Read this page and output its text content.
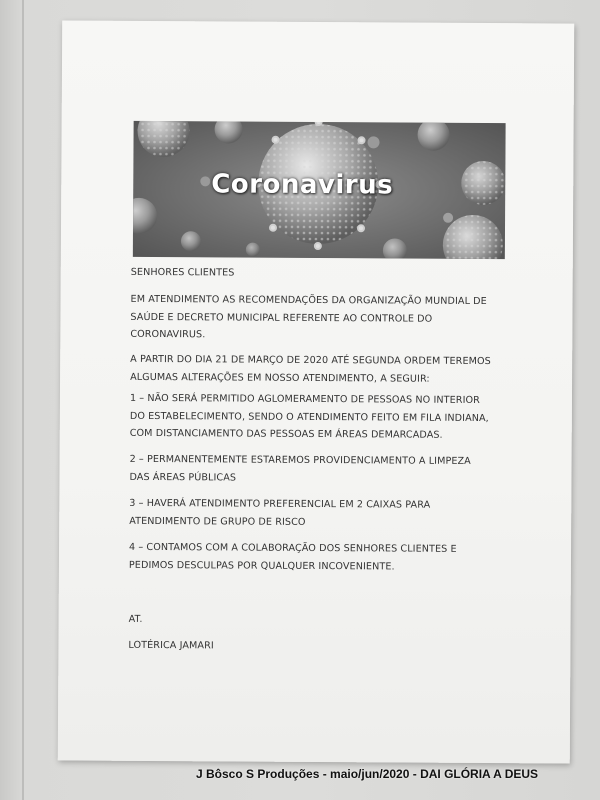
Coronavirus
SENHORES CLIENTES
EM ATENDIMENTO AS RECOMENDAÇÕES DA ORGANIZAÇÃO MUNDIAL DE
SAÚDE E DECRETO MUNICIPAL REFERENTE AO CONTROLE DO
CORONAVIRUS.
A PARTIR DO DIA 21 DE MARÇO DE 2020 ATÉ SEGUNDA ORDEM TEREMOS
ALGUMAS ALTERAÇÕES EM NOSSO ATENDIMENTO, A SEGUIR:
1 – NÃO SERÁ PERMITIDO AGLOMERAMENTO DE PESSOAS NO INTERIOR
DO ESTABELECIMENTO, SENDO O ATENDIMENTO FEITO EM FILA INDIANA,
COM DISTANCIAMENTO DAS PESSOAS EM ÁREAS DEMARCADAS.
2 – PERMANENTEMENTE ESTAREMOS PROVIDENCIAMENTO A LIMPEZA
DAS ÁREAS PÚBLICAS
3 – HAVERÁ ATENDIMENTO PREFERENCIAL EM 2 CAIXAS PARA
ATENDIMENTO DE GRUPO DE RISCO
4 – CONTAMOS COM A COLABORAÇÃO DOS SENHORES CLIENTES E
PEDIMOS DESCULPAS POR QUALQUER INCOVENIENTE.
AT.
LOTÉRICA JAMARI
J Bôsco S Produções - maio/jun/2020 - DAI GLÓRIA A DEUS
